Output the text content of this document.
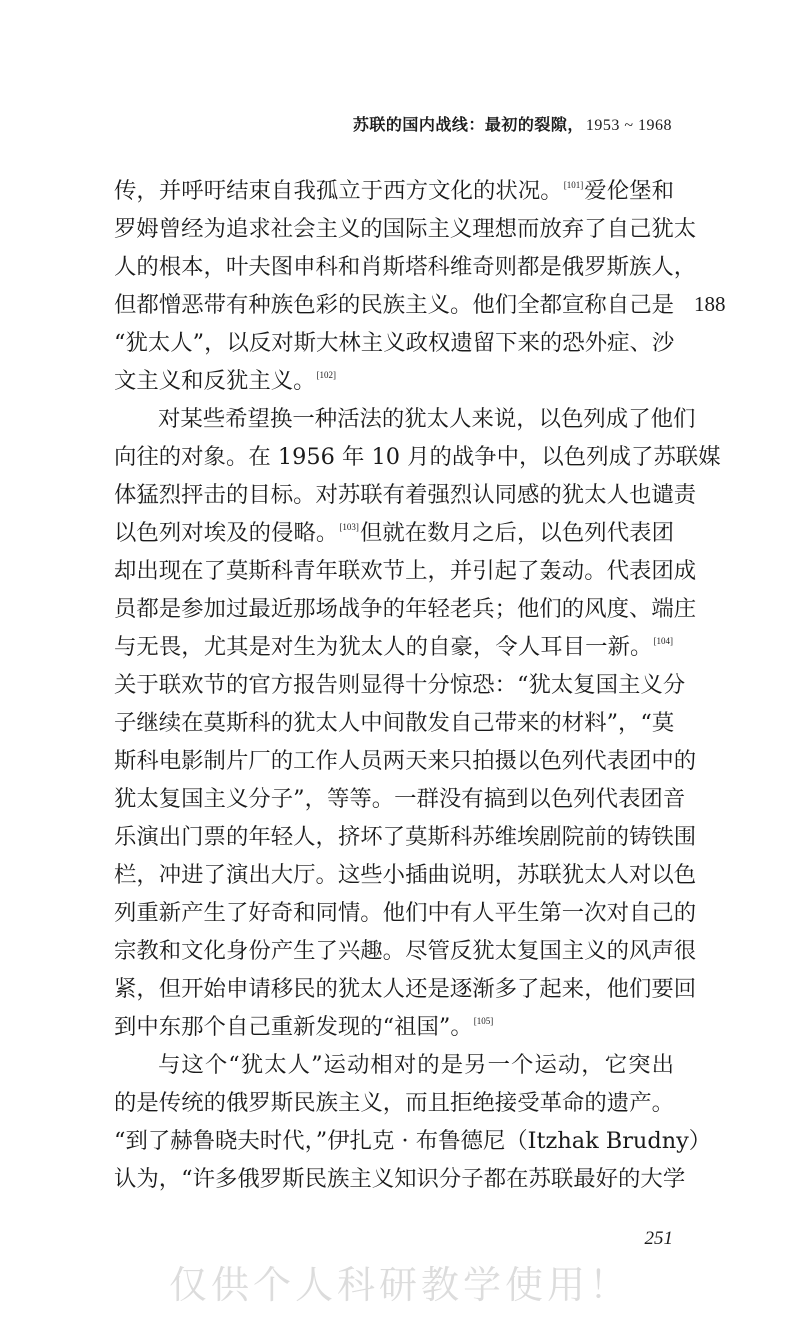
苏联的国内战线：最初的裂隙， 1953 ~ 1968
188
传，并呼吁结束自我孤立于西方文化的状况。[101]爱伦堡和
罗姆曾经为追求社会主义的国际主义理想而放弃了自己犹太
人的根本，叶夫图申科和肖斯塔科维奇则都是俄罗斯族人，
但都憎恶带有种族色彩的民族主义。他们全都宣称自己是
“犹太人”，以反对斯大林主义政权遗留下来的恐外症、沙
文主义和反犹主义。[102]
对某些希望换一种活法的犹太人来说，以色列成了他们
向往的对象。在 1956 年 10 月的战争中，以色列成了苏联媒
体猛烈抨击的目标。对苏联有着强烈认同感的犹太人也谴责
以色列对埃及的侵略。[103]但就在数月之后，以色列代表团
却出现在了莫斯科青年联欢节上，并引起了轰动。代表团成
员都是参加过最近那场战争的年轻老兵；他们的风度、端庄
与无畏，尤其是对生为犹太人的自豪，令人耳目一新。[104]
关于联欢节的官方报告则显得十分惊恐：“犹太复国主义分
子继续在莫斯科的犹太人中间散发自己带来的材料”，“莫
斯科电影制片厂的工作人员两天来只拍摄以色列代表团中的
犹太复国主义分子”，等等。一群没有搞到以色列代表团音
乐演出门票的年轻人，挤坏了莫斯科苏维埃剧院前的铸铁围
栏，冲进了演出大厅。这些小插曲说明，苏联犹太人对以色
列重新产生了好奇和同情。他们中有人平生第一次对自己的
宗教和文化身份产生了兴趣。尽管反犹太复国主义的风声很
紧，但开始申请移民的犹太人还是逐渐多了起来，他们要回
到中东那个自己重新发现的“祖国”。[105]
与这个“犹太人”运动相对的是另一个运动，它突出
的是传统的俄罗斯民族主义，而且拒绝接受革命的遗产。
“到了赫鲁晓夫时代，”伊扎克 · 布鲁德尼（Itzhak Brudny）
认为，“许多俄罗斯民族主义知识分子都在苏联最好的大学
251
仅供个人科研教学使用！
